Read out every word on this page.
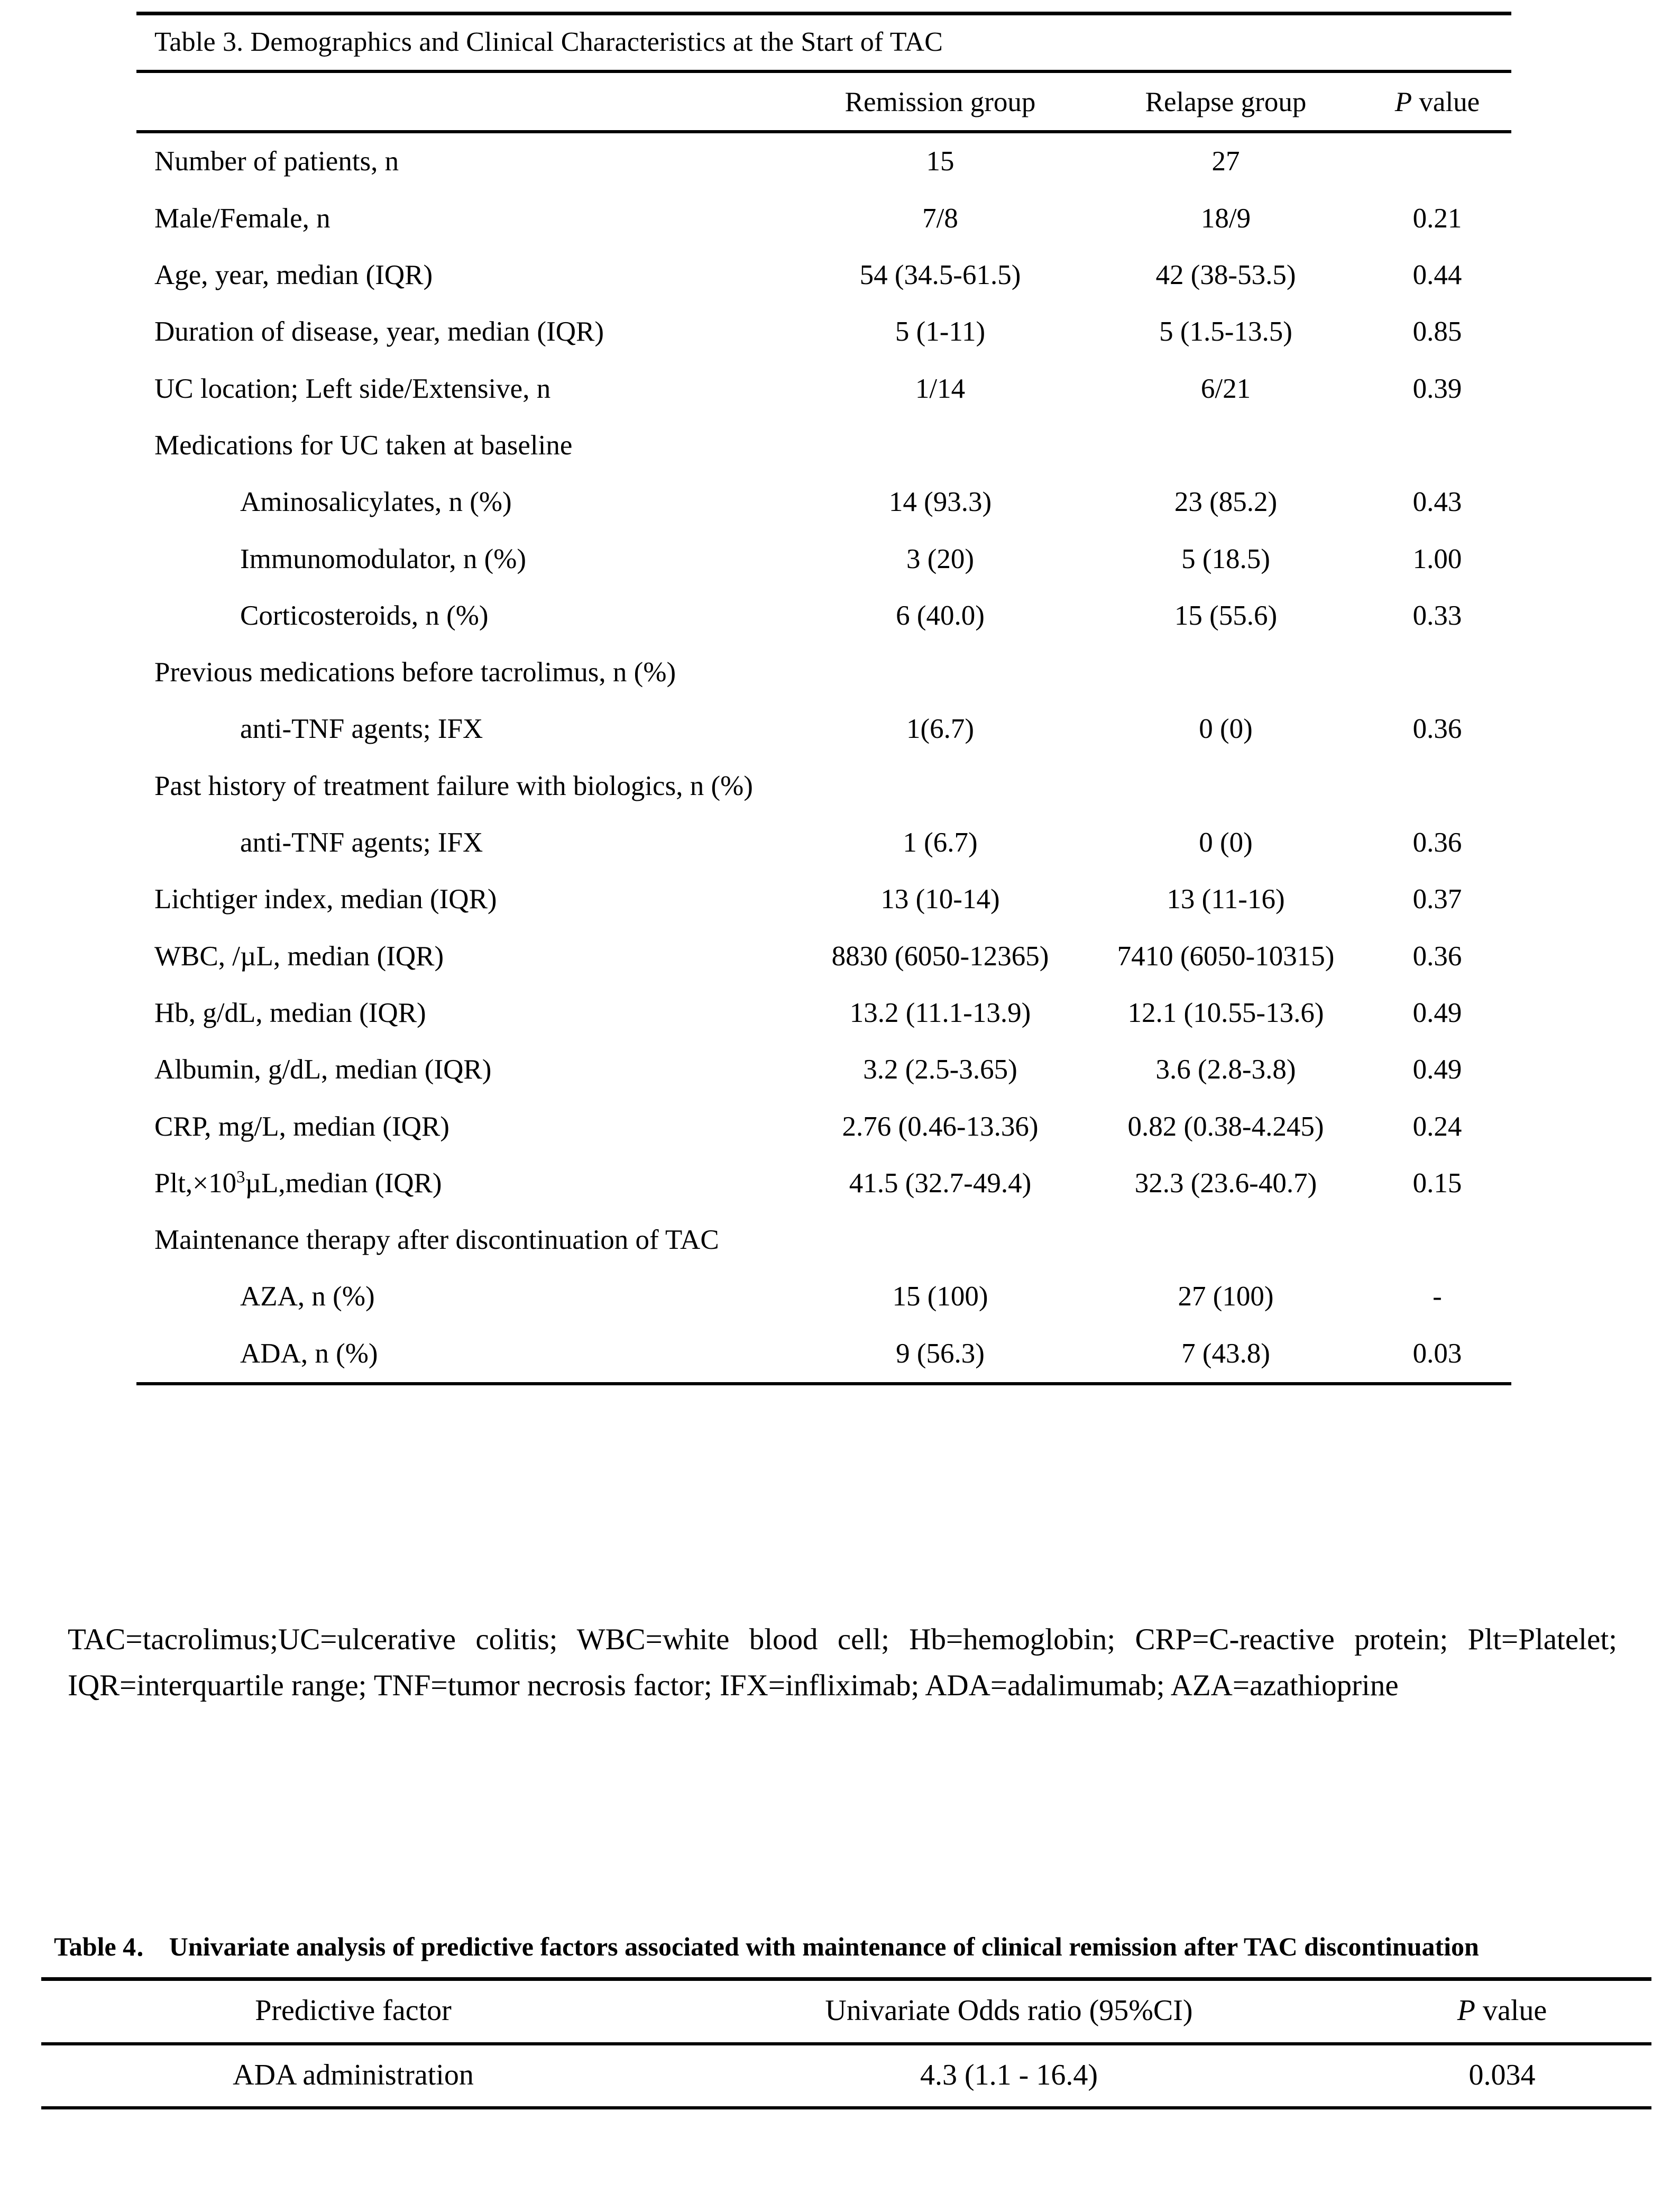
Table 3. Demographics and Clinical Characteristics at the Start of TAC
	Remission group	Relapse group	P value
Number of patients, n	15	27	
Male/Female, n	7/8	18/9	0.21
Age, year, median (IQR)	54 (34.5-61.5)	42 (38-53.5)	0.44
Duration of disease, year, median (IQR)	5 (1-11)	5 (1.5-13.5)	0.85
UC location; Left side/Extensive, n	1/14	6/21	0.39
Medications for UC taken at baseline			
Aminosalicylates, n (%)	14 (93.3)	23 (85.2)	0.43
Immunomodulator, n (%)	3 (20)	5 (18.5)	1.00
Corticosteroids, n (%)	6 (40.0)	15 (55.6)	0.33
Previous medications before tacrolimus, n (%)			
anti-TNF agents; IFX	1(6.7)	0 (0)	0.36
Past history of treatment failure with biologics, n (%)			
anti-TNF agents; IFX	1 (6.7)	0 (0)	0.36
Lichtiger index, median (IQR)	13 (10-14)	13 (11-16)	0.37
WBC, /µL, median (IQR)	8830 (6050-12365)	7410 (6050-10315)	0.36
Hb, g/dL, median (IQR)	13.2 (11.1-13.9)	12.1 (10.55-13.6)	0.49
Albumin, g/dL, median (IQR)	3.2 (2.5-3.65)	3.6 (2.8-3.8)	0.49
CRP, mg/L, median (IQR)	2.76 (0.46-13.36)	0.82 (0.38-4.245)	0.24
$Plt,\times 10^3\mu L,median$ (IQR)	41.5 (32.7-49.4)	32.3 (23.6-40.7)	0.15
Maintenance therapy after discontinuation of TAC			
AZA, n (%)	15 (100)	27 (100)	-
ADA, n (%)	9 (56.3)	7 (43.8)	0.03

TAC=tacrolimus;UC=ulcerative colitis; WBC=white blood cell; Hb=hemoglobin; CRP=C-reactive protein; Plt=Platelet; IQR=interquartile range; TNF=tumor necrosis factor; IFX=infliximab; ADA=adalimumab; AZA=azathioprine

Table 4． Univariate analysis of predictive factors associated with maintenance of clinical remission after TAC discontinuation
Predictive factor	Univariate Odds ratio (95%CI)	P value
ADA administration	4.3 (1.1 - 16.4)	0.034
